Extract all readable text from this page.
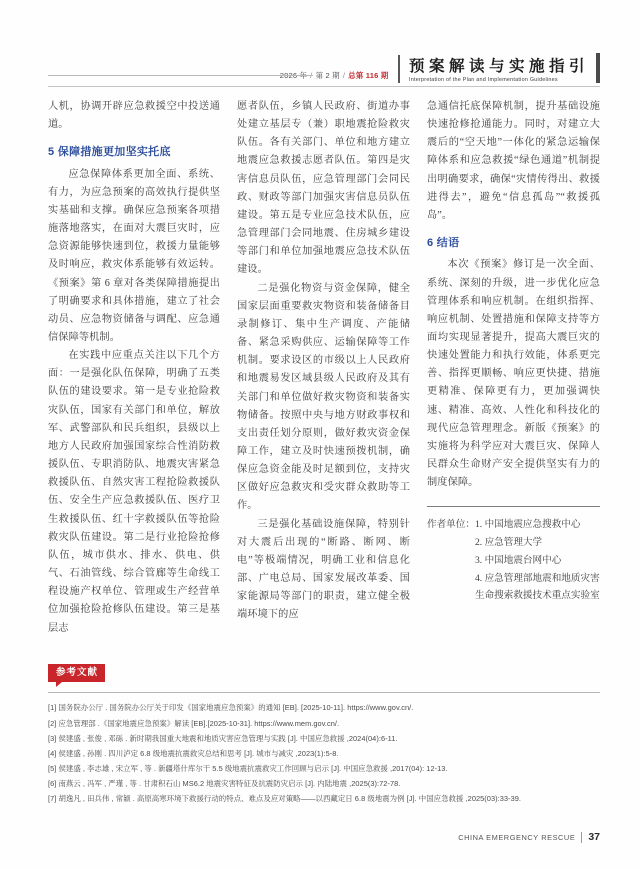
第 2 期 / 总第 116 期
预案解读与实施指引
Interpretation of the Plan and Implementation Guidelines

人机，协调开辟应急救援空中投送通道。

5 保障措施更加坚实托底

应急保障体系更加全面、系统、有力，为应急预案的高效执行提供坚实基础和支撑。确保应急预案各项措施落地落实，在面对大震巨灾时，应急资源能够快速到位，救援力量能够及时响应，救灾体系能够有效运转。《预案》第 6 章对各类保障措施提出了明确要求和具体措施，建立了社会动员、应急物资储备与调配、应急通信保障等机制。

在实践中应重点关注以下几个方面：一是强化队伍保障，明确了五类队伍的建设要求。第一是专业抢险救灾队伍，国家有关部门和单位，解放军、武警部队和民兵组织，县级以上地方人民政府加强国家综合性消防救援队伍、专职消防队、地震灾害紧急救援队伍、自然灾害工程抢险救援队伍、安全生产应急救援队伍、医疗卫生救援队伍、红十字救援队伍等抢险救灾队伍建设。第二是行业抢险抢修队伍，城市供水、排水、供电、供气、石油管线、综合管廊等生命线工程设施产权单位、管理或生产经营单位加强抢险抢修队伍建设。第三是基层志

愿者队伍，乡镇人民政府、街道办事处建立基层专（兼）职地震抢险救灾队伍。各有关部门、单位和地方建立地震应急救援志愿者队伍。第四是灾害信息员队伍，应急管理部门会同民政、财政等部门加强灾害信息员队伍建设。第五是专业应急技术队伍，应急管理部门会同地震、住房城乡建设等部门和单位加强地震应急技术队伍建设。

二是强化物资与资金保障，健全国家层面重要救灾物资和装备储备目录制修订、集中生产调度、产能储备、紧急采购供应、运输保障等工作机制。要求设区的市级以上人民政府和地震易发区域县级人民政府及其有关部门和单位做好救灾物资和装备实物储备。按照中央与地方财政事权和支出责任划分原则，做好救灾资金保障工作，建立及时快速预拨机制，确保应急资金能及时足额到位，支持灾区做好应急救灾和受灾群众救助等工作。

三是强化基础设施保障，特别针对大震后出现的“断路、断网、断电”等极端情况，明确工业和信息化部、广电总局、国家发展改革委、国家能源局等部门的职责，建立健全极端环境下的应

急通信托底保障机制，提升基础设施快速抢修抢通能力。同时，对建立大震后的“空天地”一体化的紧急运输保障体系和应急救援“绿色通道”机制提出明确要求，确保“灾情传得出、救援进得去”，避免“信息孤岛”“救援孤岛”。

6 结语

本次《预案》修订是一次全面、系统、深刻的升级，进一步优化应急管理体系和响应机制。在组织指挥、响应机制、处置措施和保障支持等方面均实现显著提升，提高大震巨灾的快速处置能力和执行效能，体系更完善、指挥更顺畅、响应更快捷、措施更精准、保障更有力，更加强调快速、精准、高效、人性化和科技化的现代应急管理理念。新版《预案》的实施将为科学应对大震巨灾、保障人民群众生命财产安全提供坚实有力的制度保障。

作者单位： 1. 中国地震应急搜救中心
2. 应急管理大学
3. 中国地震台网中心
4. 应急管理部地震和地质灾害生命搜索救援技术重点实验室
参考文献
[1] 国务院办公厅 . 国务院办公厅关于印发《国家地震应急预案》的通知 [EB]. [2025-10-11]. https://www.gov.cn/.
[2] 应急管理部 .《国家地震应急预案》解读 [EB].[2025-10-31]. https://www.mem.gov.cn/.
[3] 侯建盛 , 张俊 , 邓砾 . 新时期我国重大地震和地质灾害应急管理与实践 [J]. 中国应急救援 ,2024(04):6-11.
[4] 侯建盛 , 孙刚 . 四川泸定 6.8 级地震抗震救灾总结和思考 [J]. 城市与减灾 ,2023(1):5-8.
[5] 侯建盛 , 李志雄 , 宋立军 , 等 . 新疆塔什库尔干 5.5 级地震抗震救灾工作回顾与启示 [J]. 中国应急救援 ,2017(04): 12-13.
[6] 南燕云 , 冯军 , 严瑾 , 等 . 甘肃积石山 MS6.2 地震灾害特征及抗震防灾启示 [J]. 内陆地震 ,2025(3):72-78.
[7] 胡逸凡 , 田兵伟 , 常颖 . 高原高寒环境下救援行动的特点、难点及应对策略——以西藏定日 6.8 级地震为例 [J]. 中国应急救援 ,2025(03):33-39.
CHINA EMERGENCY RESCUE 37
